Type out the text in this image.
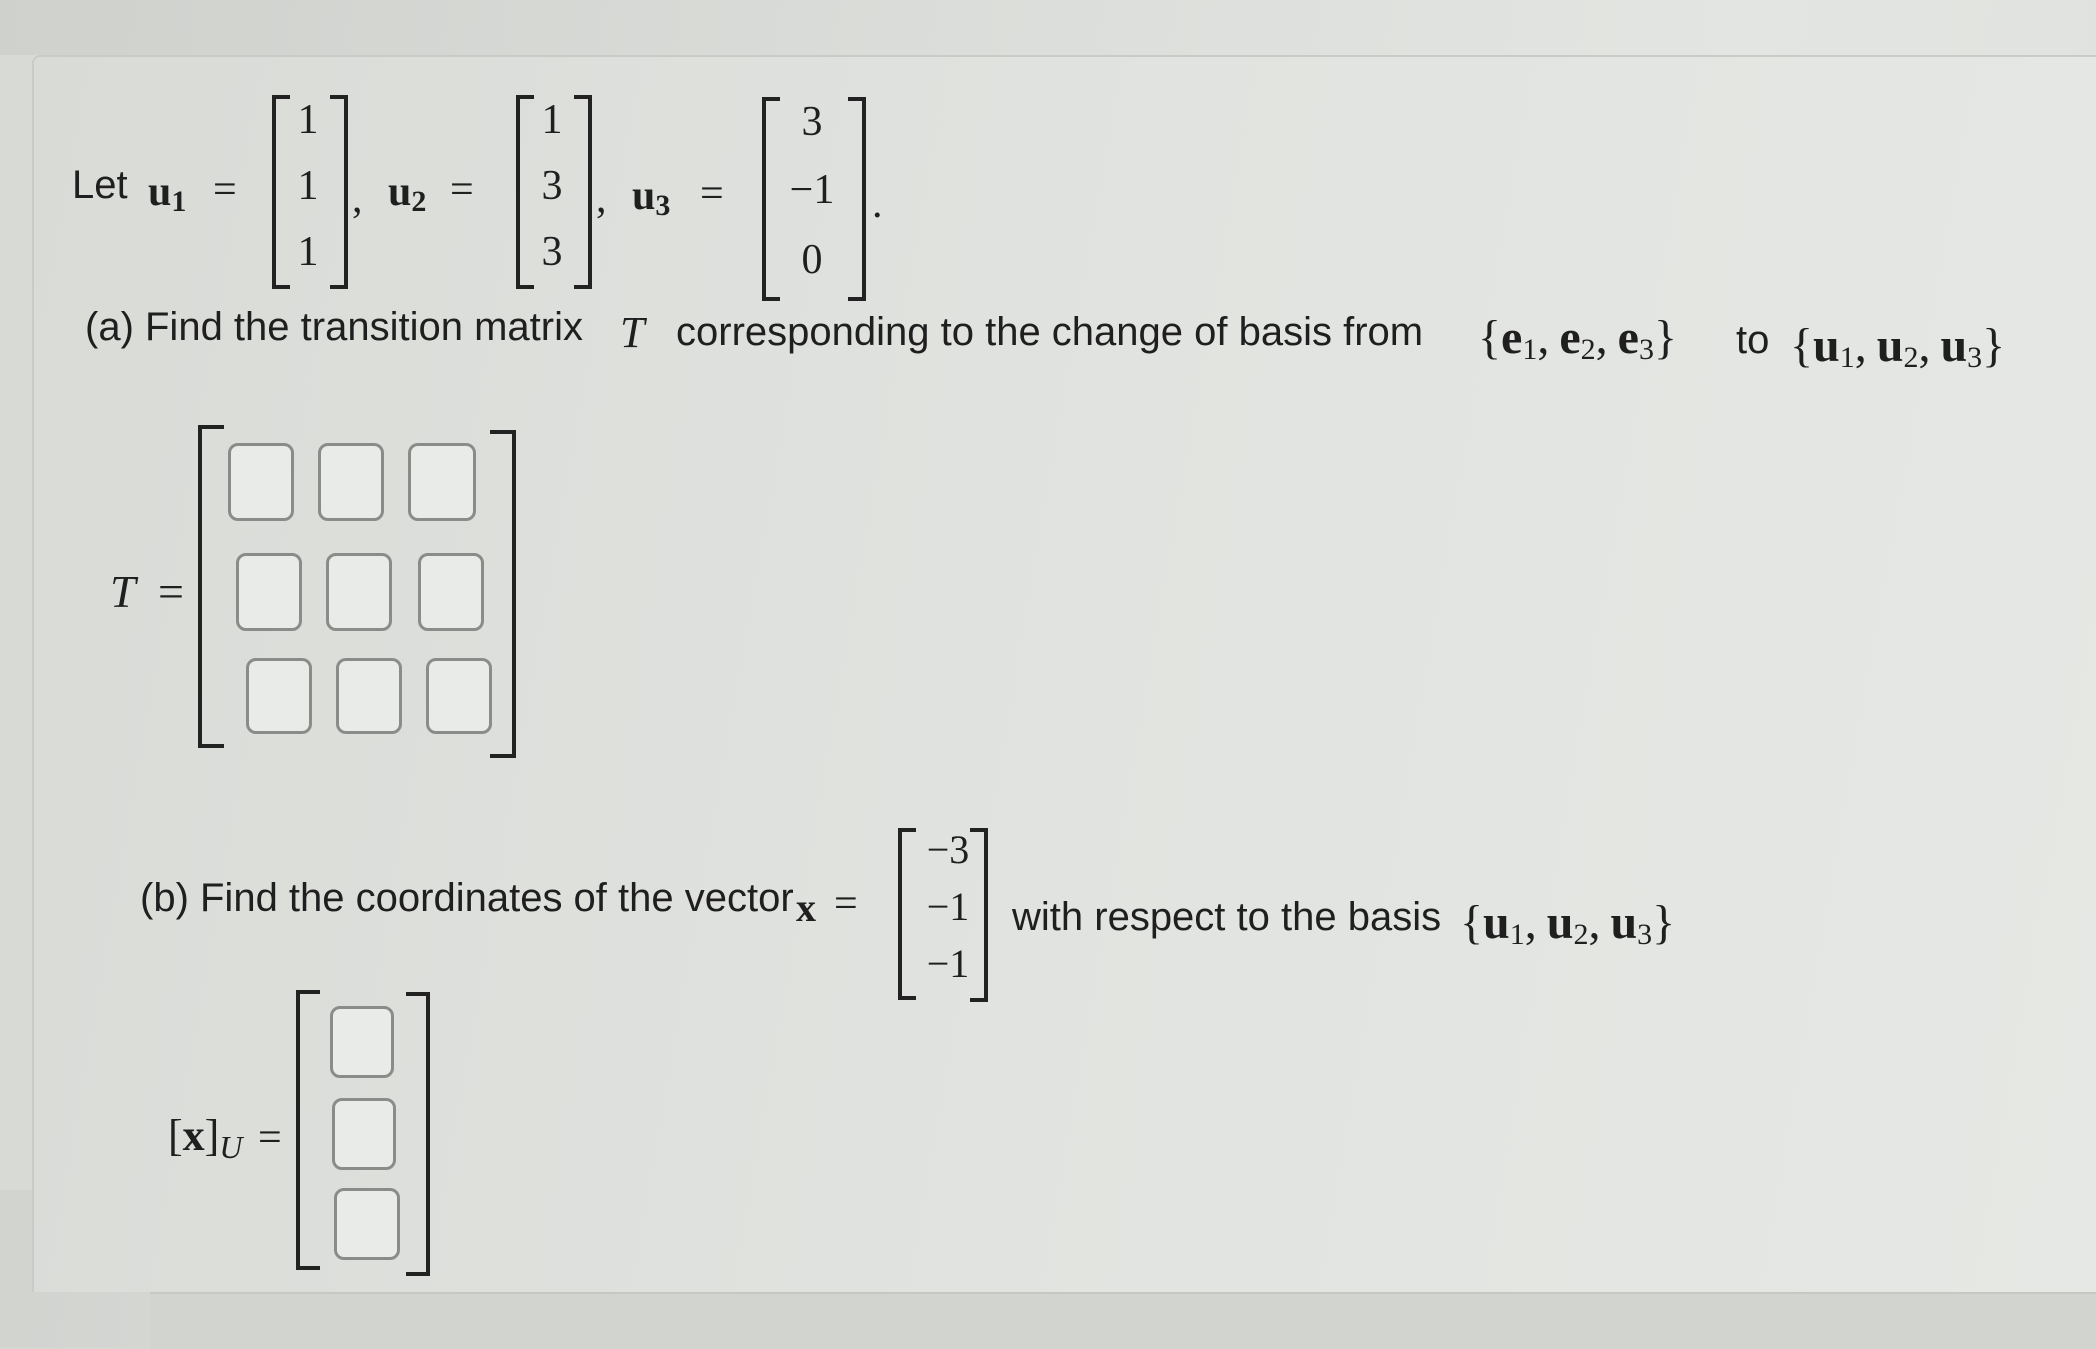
Let u1 =
1
1
1
, u2 =
1
3
3
, u3 =
3
−1
0
.
(a) Find the transition matrix T corresponding to the change of basis from {e1, e2, e3} to {u1, u2, u3}
T =
(b) Find the coordinates of the vector x =
−3
−1
−1
with respect to the basis {u1, u2, u3}
[x]U =
